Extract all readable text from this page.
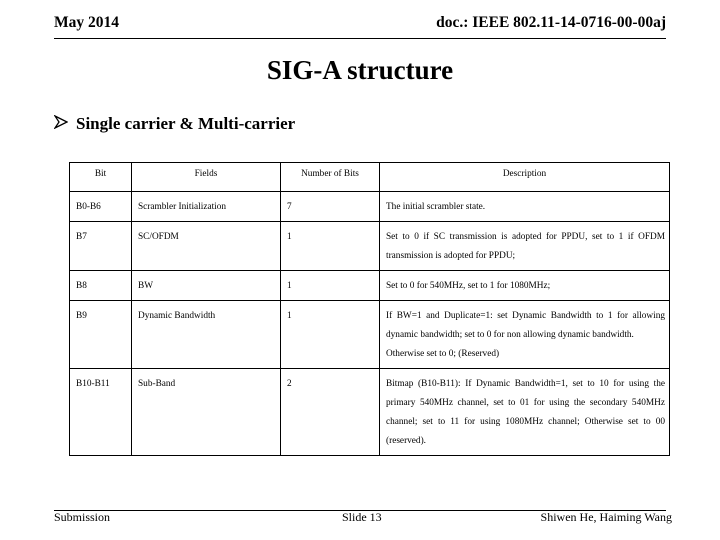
May 2014	doc.: IEEE 802.11-14-0716-00-00aj
SIG-A structure
Single carrier & Multi-carrier
Bit	Fields	Number of Bits	Description
B0-B6	Scrambler Initialization	7	The initial scrambler state.

B7	SC/OFDM	1	Set to 0 if SC transmission is adopted for PPDU, set to 1 if OFDM transmission is adopted for PPDU;

B8	BW	1	Set to 0 for 540MHz, set to 1 for 1080MHz;

B9	Dynamic Bandwidth	1	If BW=1 and Duplicate=1: set Dynamic Bandwidth to 1 for allowing dynamic bandwidth; set to 0 for non allowing dynamic bandwidth.
Otherwise set to 0; (Reserved)

B10-B11	Sub-Band	2	Bitmap (B10-B11): If Dynamic Bandwidth=1, set to 10 for using the primary 540MHz channel, set to 01 for using the secondary 540MHz channel; set to 11 for using 1080MHz channel; Otherwise set to 00 (reserved).
Submission	Slide 13	Shiwen He, Haiming Wang
